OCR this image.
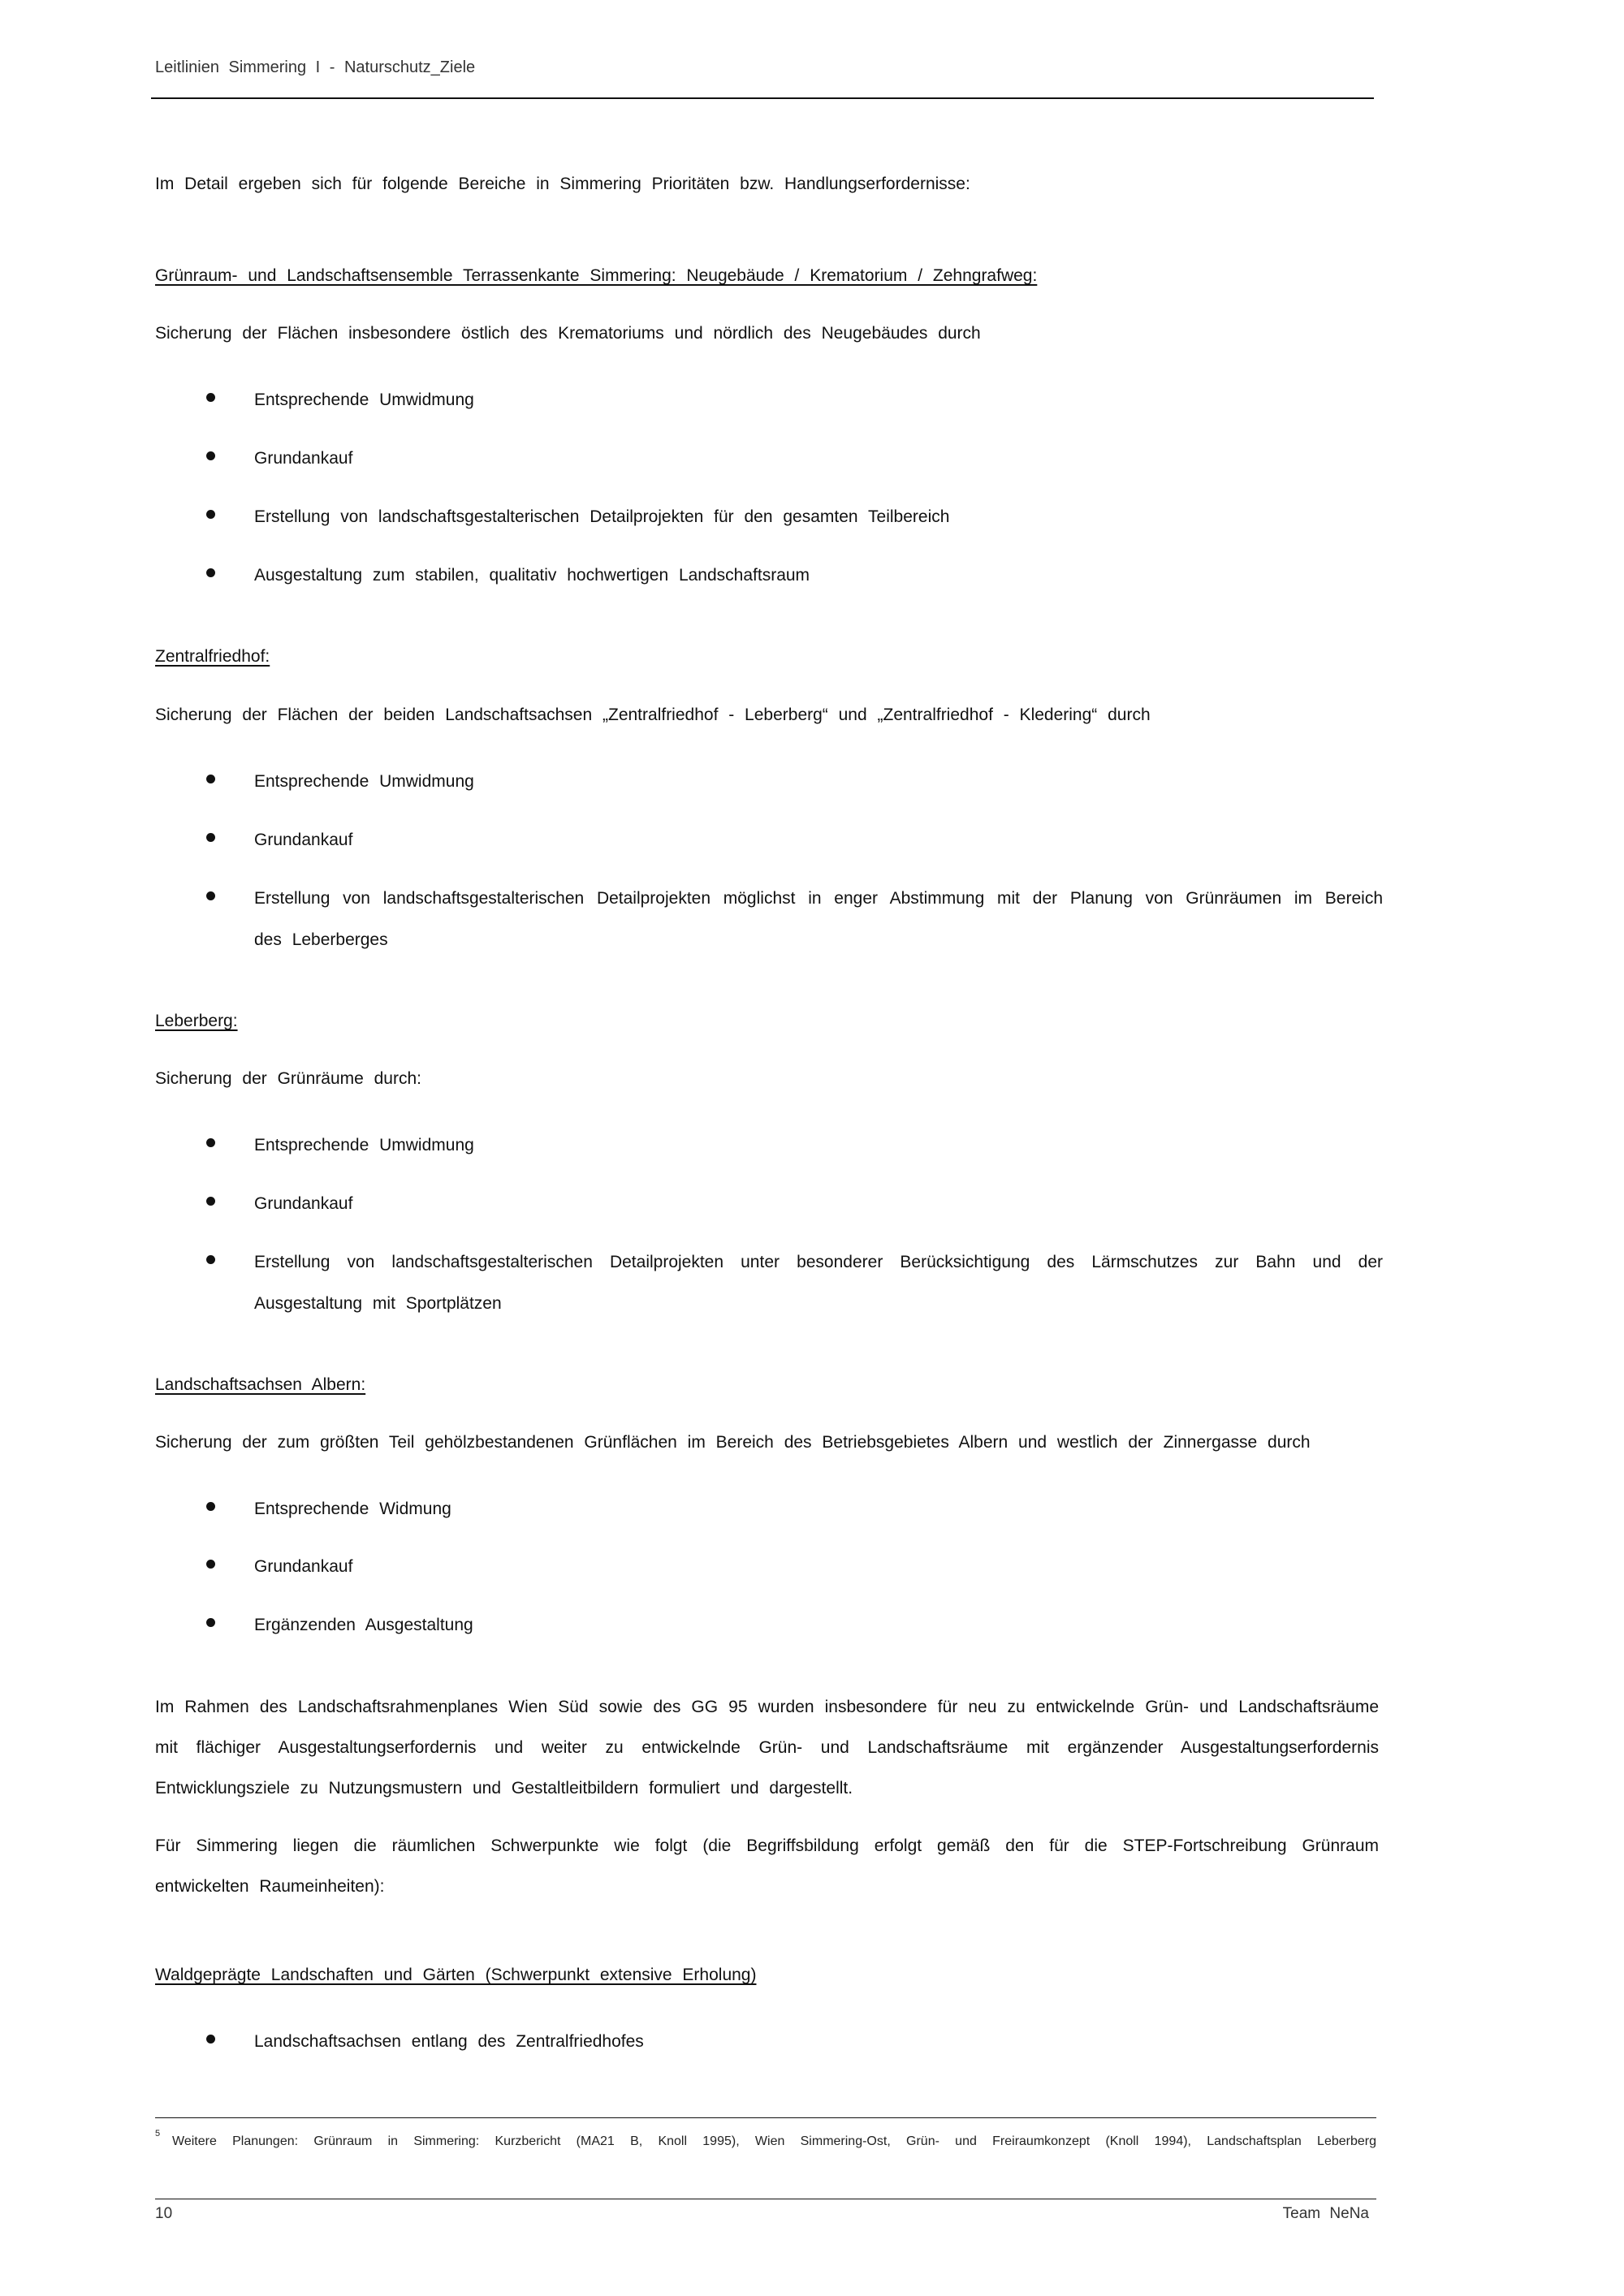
Leitlinien Simmering I - Naturschutz_Ziele
Im Detail ergeben sich für folgende Bereiche in Simmering Prioritäten bzw. Handlungserfordernisse:
Grünraum- und Landschaftsensemble Terrassenkante Simmering: Neugebäude / Krematorium / Zehngrafweg:
Sicherung der Flächen insbesondere östlich des Krematoriums und nördlich des Neugebäudes durch
Entsprechende Umwidmung
Grundankauf
Erstellung von landschaftsgestalterischen Detailprojekten für den gesamten Teilbereich
Ausgestaltung zum stabilen, qualitativ hochwertigen Landschaftsraum
Zentralfriedhof:
Sicherung der Flächen der beiden Landschaftsachsen „Zentralfriedhof - Leberberg“ und „Zentralfriedhof - Kledering“ durch
Entsprechende Umwidmung
Grundankauf
Erstellung von landschaftsgestalterischen Detailprojekten möglichst in enger Abstimmung mit der Planung von Grünräumen im Bereich des Leberberges
Leberberg:
Sicherung der Grünräume durch:
Entsprechende Umwidmung
Grundankauf
Erstellung von landschaftsgestalterischen Detailprojekten unter besonderer Berücksichtigung des Lärmschutzes zur Bahn und der Ausgestaltung mit Sportplätzen
Landschaftsachsen Albern:
Sicherung der zum größten Teil gehölzbestandenen Grünflächen im Bereich des Betriebsgebietes Albern und westlich der Zinnergasse durch
Entsprechende Widmung
Grundankauf
Ergänzenden Ausgestaltung
Im Rahmen des Landschaftsrahmenplanes Wien Süd sowie des GG 95 wurden insbesondere für neu zu entwickelnde Grün- und Landschaftsräume mit flächiger Ausgestaltungserfordernis und weiter zu entwickelnde Grün- und Landschaftsräume mit ergänzender Ausgestaltungserfordernis Entwicklungsziele zu Nutzungsmustern und Gestaltleitbildern formuliert und dargestellt.
Für Simmering liegen die räumlichen Schwerpunkte wie folgt (die Begriffsbildung erfolgt gemäß den für die STEP-Fortschreibung Grünraum entwickelten Raumeinheiten):
Waldgeprägte Landschaften und Gärten (Schwerpunkt extensive Erholung)
Landschaftsachsen entlang des Zentralfriedhofes
5
Weitere Planungen: Grünraum in Simmering: Kurzbericht (MA21 B, Knoll 1995), Wien Simmering-Ost, Grün- und Freiraumkonzept (Knoll 1994), Landschaftsplan Leberberg
10	Team NeNa
